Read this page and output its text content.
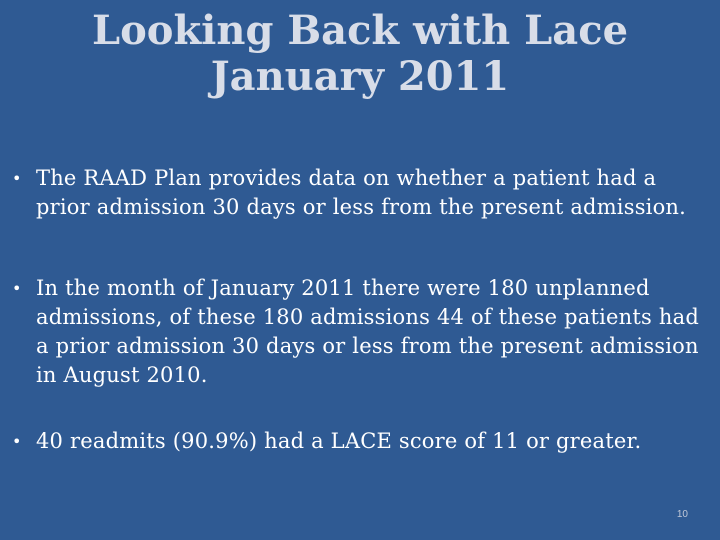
Looking Back with Lace
January 2011
• The RAAD Plan provides data on whether a patient had a prior admission 30 days or less from the present admission.
• In the month of January 2011 there were 180 unplanned admissions, of these 180 admissions 44 of these patients had a prior admission 30 days or less from the present admission in August 2010.
• 40 readmits (90.9%) had a LACE score of 11 or greater.
10
